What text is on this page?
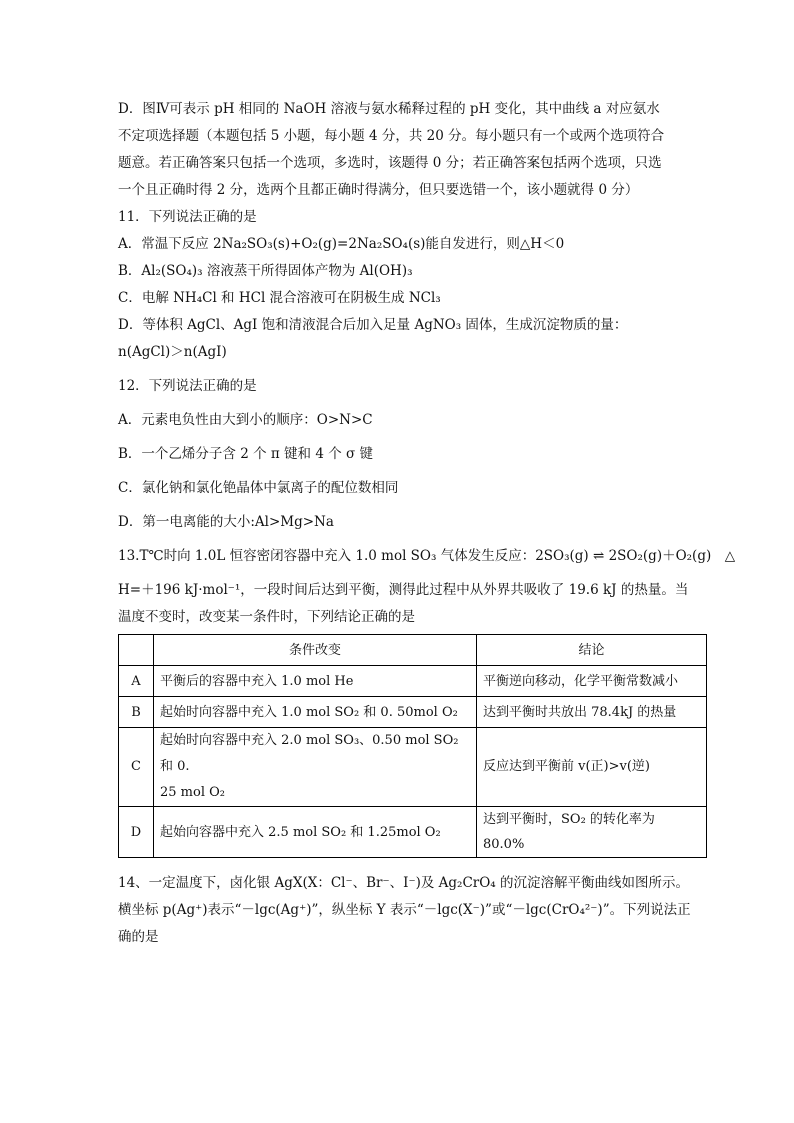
D．图Ⅳ可表示 pH 相同的 NaOH 溶液与氨水稀释过程的 pH 变化，其中曲线 a 对应氨水

不定项选择题（本题包括 5 小题，每小题 4 分，共 20 分。每小题只有一个或两个选项符合

题意。若正确答案只包括一个选项，多选时，该题得 0 分；若正确答案包括两个选项，只选

一个且正确时得 2 分，选两个且都正确时得满分，但只要选错一个，该小题就得 0 分）

11．下列说法正确的是

A．常温下反应 2Na₂SO₃(s)+O₂(g)=2Na₂SO₄(s)能自发进行，则△H＜0

B．Al₂(SO₄)₃ 溶液蒸干所得固体产物为 Al(OH)₃

C．电解 NH₄Cl 和 HCl 混合溶液可在阴极生成 NCl₃

D．等体积 AgCl、AgI 饱和清液混合后加入足量 AgNO₃ 固体，生成沉淀物质的量：

n(AgCl)＞n(AgI)

12．下列说法正确的是

A．元素电负性由大到小的顺序：O>N>C

B．一个乙烯分子含 2 个 π 键和 4 个 σ 键

C．氯化钠和氯化铯晶体中氯离子的配位数相同

D．第一电离能的大小:Al>Mg>Na

13.T℃时向 1.0L 恒容密闭容器中充入 1.0 mol SO₃ 气体发生反应：2SO₃(g) ⇌ 2SO₂(g)＋O₂(g)　△

H=＋196 kJ·mol⁻¹，一段时间后达到平衡，测得此过程中从外界共吸收了 19.6 kJ 的热量。当

温度不变时，改变某一条件时，下列结论正确的是

	条件改变	结论
A	平衡后的容器中充入 1.0 mol He	平衡逆向移动，化学平衡常数减小
B	起始时向容器中充入 1.0 mol SO₂ 和 0. 50mol O₂	达到平衡时共放出 78.4kJ 的热量
C	起始时向容器中充入 2.0 mol SO₃、0.50 mol SO₂ 和 0.
25 mol O₂	反应达到平衡前 v(正)>v(逆)
D	起始向容器中充入 2.5 mol SO₂ 和 1.25mol O₂	达到平衡时，SO₂ 的转化率为 80.0%

14、一定温度下，卤化银 AgX(X：Cl⁻、Br⁻、I⁻)及 Ag₂CrO₄ 的沉淀溶解平衡曲线如图所示。

横坐标 p(Ag⁺)表示“－lgc(Ag⁺)”，纵坐标 Y 表示“－lgc(X⁻)”或“－lgc(CrO₄²⁻)”。下列说法正

确的是
